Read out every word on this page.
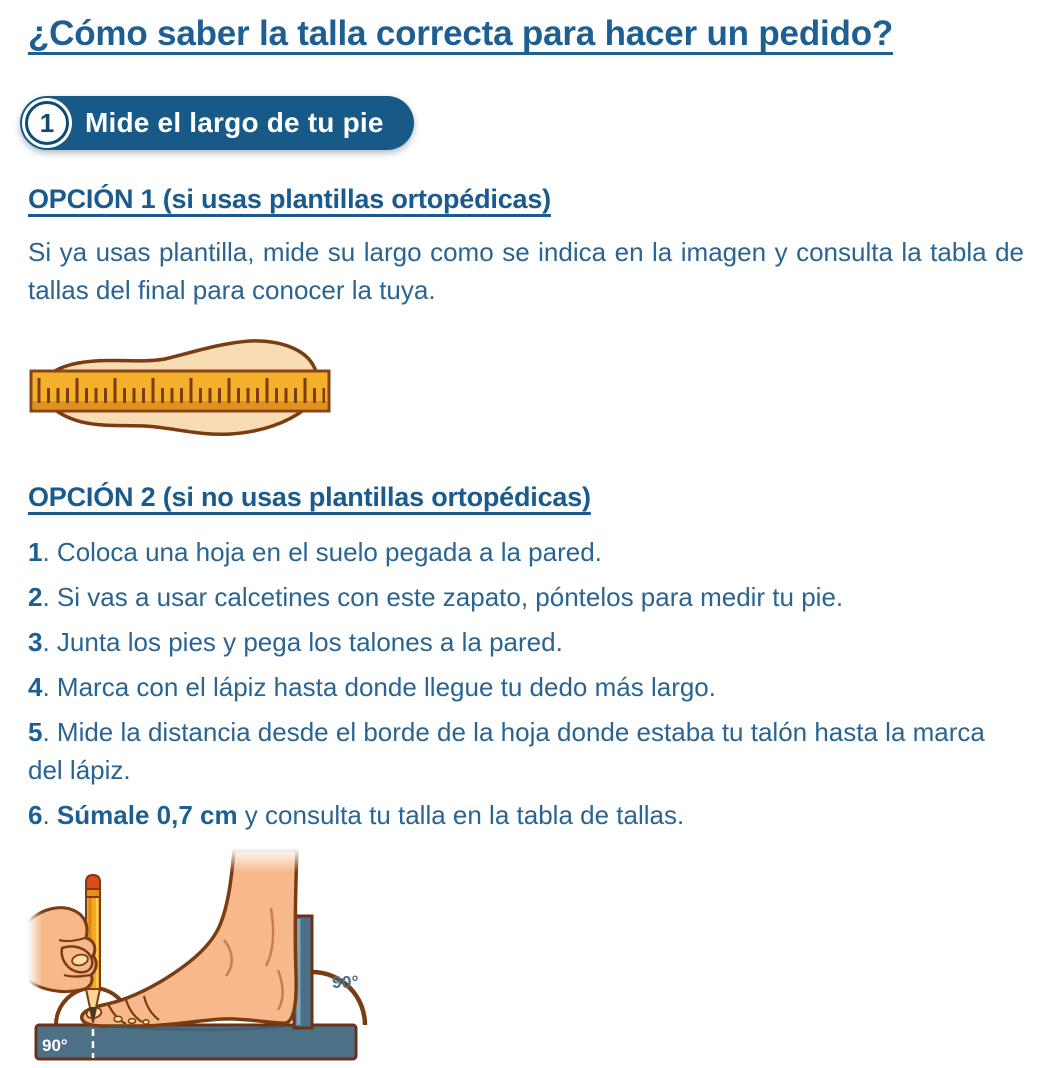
¿Cómo saber la talla correcta para hacer un pedido?
1	Mide el largo de tu pie
OPCIÓN 1 (si usas plantillas ortopédicas)

Si ya usas plantilla, mide su largo como se indica en la imagen y consulta la tabla de tallas del final para conocer la tuya.

OPCIÓN 2 (si no usas plantillas ortopédicas)
1. Coloca una hoja en el suelo pegada a la pared.
2. Si vas a usar calcetines con este zapato, póntelos para medir tu pie.
3. Junta los pies y pega los talones a la pared.
4. Marca con el lápiz hasta donde llegue tu dedo más largo.
5. Mide la distancia desde el borde de la hoja donde estaba tu talón hasta la marca del lápiz.
6. Súmale 0,7 cm y consulta tu talla en la tabla de tallas.
90°
90°
